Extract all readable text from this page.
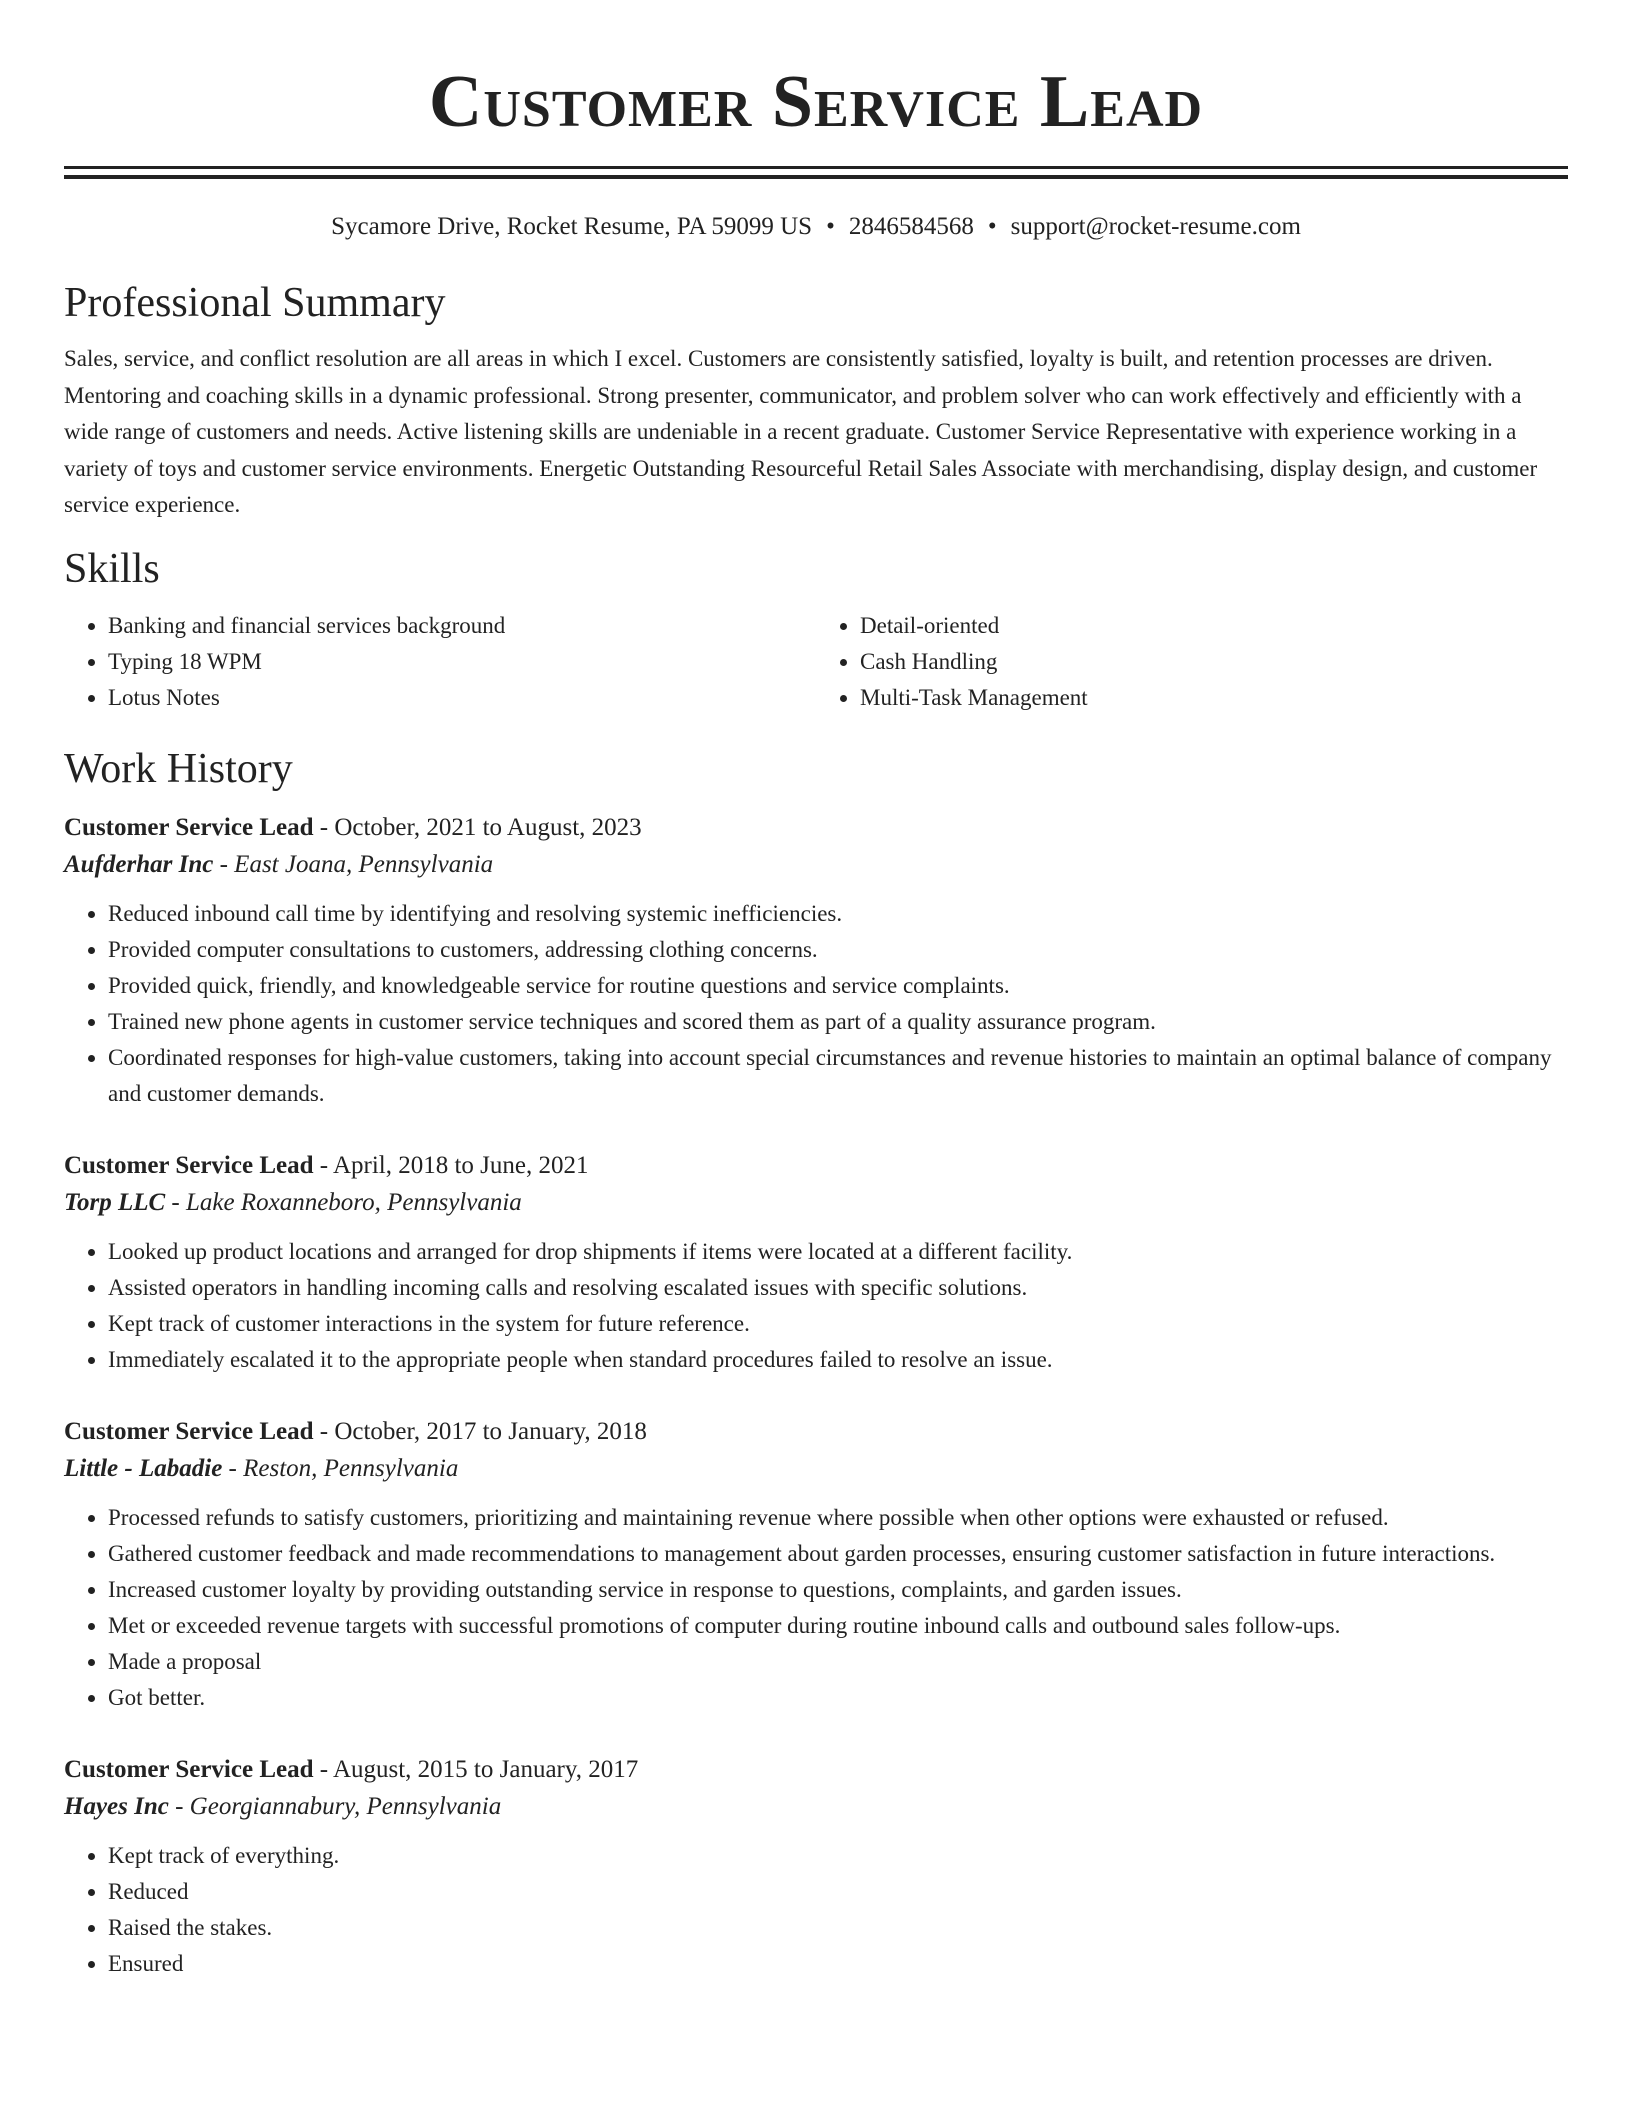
Customer Service Lead
Sycamore Drive, Rocket Resume, PA 59099 US • 2846584568 • support@rocket-resume.com
Professional Summary
Sales, service, and conflict resolution are all areas in which I excel. Customers are consistently satisfied, loyalty is built, and retention processes are driven. Mentoring and coaching skills in a dynamic professional. Strong presenter, communicator, and problem solver who can work effectively and efficiently with a wide range of customers and needs. Active listening skills are undeniable in a recent graduate. Customer Service Representative with experience working in a variety of toys and customer service environments. Energetic Outstanding Resourceful Retail Sales Associate with merchandising, display design, and customer service experience.
Skills
• Banking and financial services background
• Typing 18 WPM
• Lotus Notes
• Detail-oriented
• Cash Handling
• Multi-Task Management
Work History
Customer Service Lead - October, 2021 to August, 2023
Aufderhar Inc - East Joana, Pennsylvania
• Reduced inbound call time by identifying and resolving systemic inefficiencies.
• Provided computer consultations to customers, addressing clothing concerns.
• Provided quick, friendly, and knowledgeable service for routine questions and service complaints.
• Trained new phone agents in customer service techniques and scored them as part of a quality assurance program.
• Coordinated responses for high-value customers, taking into account special circumstances and revenue histories to maintain an optimal balance of company and customer demands.
Customer Service Lead - April, 2018 to June, 2021
Torp LLC - Lake Roxanneboro, Pennsylvania
• Looked up product locations and arranged for drop shipments if items were located at a different facility.
• Assisted operators in handling incoming calls and resolving escalated issues with specific solutions.
• Kept track of customer interactions in the system for future reference.
• Immediately escalated it to the appropriate people when standard procedures failed to resolve an issue.
Customer Service Lead - October, 2017 to January, 2018
Little - Labadie - Reston, Pennsylvania
• Processed refunds to satisfy customers, prioritizing and maintaining revenue where possible when other options were exhausted or refused.
• Gathered customer feedback and made recommendations to management about garden processes, ensuring customer satisfaction in future interactions.
• Increased customer loyalty by providing outstanding service in response to questions, complaints, and garden issues.
• Met or exceeded revenue targets with successful promotions of computer during routine inbound calls and outbound sales follow-ups.
• Made a proposal
• Got better.
Customer Service Lead - August, 2015 to January, 2017
Hayes Inc - Georgiannabury, Pennsylvania
• Kept track of everything.
• Reduced
• Raised the stakes.
• Ensured
